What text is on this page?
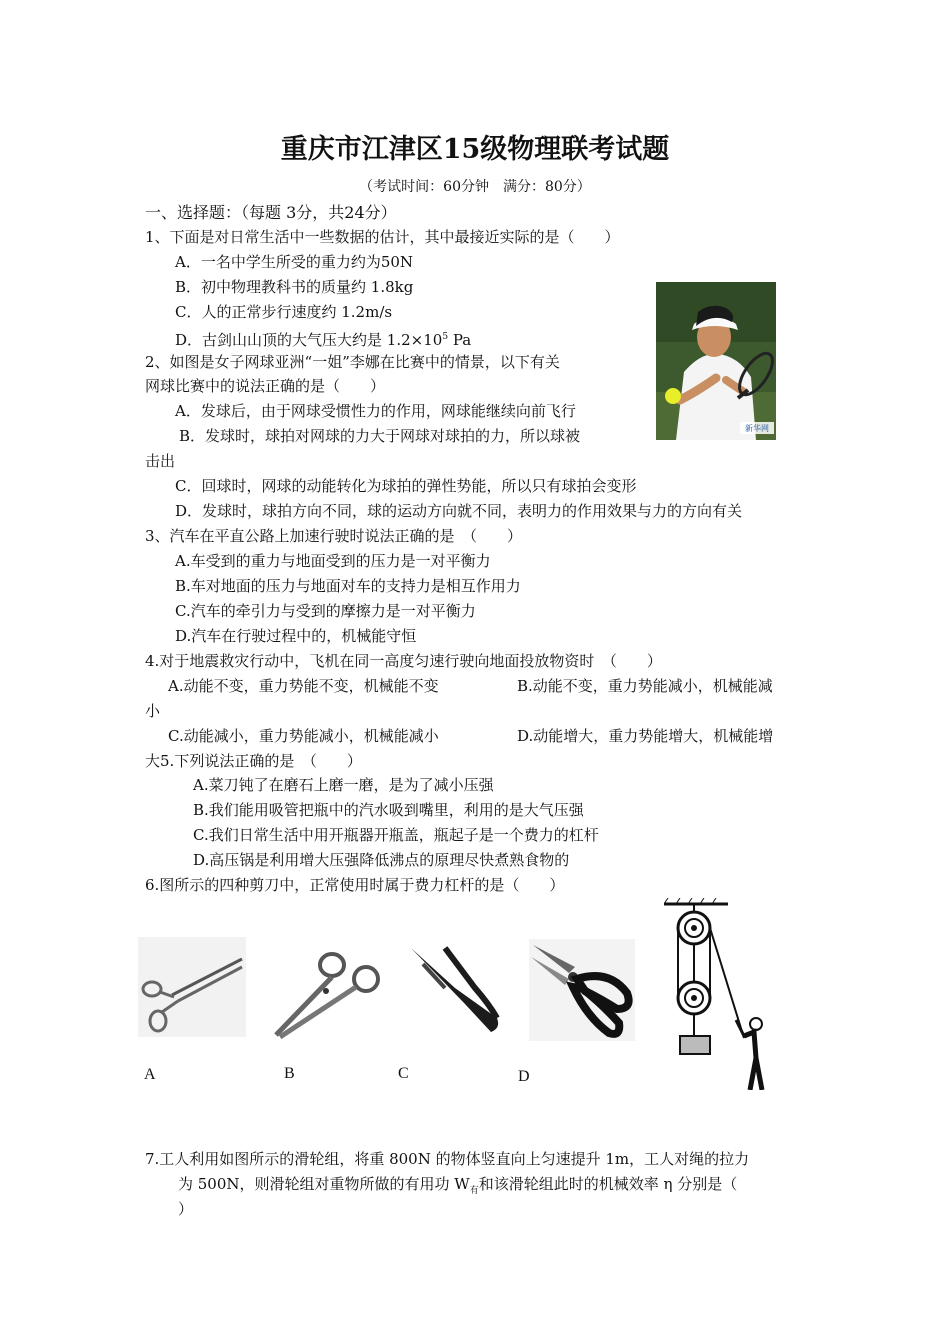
重庆市江津区15级物理联考试题
（考试时间：60分钟　满分：80分）
一、选择题：（每题 3分，共24分）
1、下面是对日常生活中一些数据的估计，其中最接近实际的是（　　）
A．一名中学生所受的重力约为50N
B．初中物理教科书的质量约 1.8kg
C．人的正常步行速度约 1.2m/s
D．古剑山山顶的大气压大约是 $1.2\times 10^5$ Pa
新华网
2、如图是女子网球亚洲“一姐”李娜在比赛中的情景，以下有关
网球比赛中的说法正确的是（　　）
A．发球后，由于网球受惯性力的作用，网球能继续向前飞行
B．发球时，球拍对网球的力大于网球对球拍的力，所以球被
击出
C．回球时，网球的动能转化为球拍的弹性势能，所以只有球拍会变形
D．发球时，球拍方向不同，球的运动方向就不同，表明力的作用效果与力的方向有关
3、汽车在平直公路上加速行驶时说法正确的是　（　　）
A.车受到的重力与地面受到的压力是一对平衡力
B.车对地面的压力与地面对车的支持力是相互作用力
C.汽车的牵引力与受到的摩擦力是一对平衡力
D.汽车在行驶过程中的，机械能守恒
4.对于地震救灾行动中，飞机在同一高度匀速行驶向地面投放物资时　（　　）
A.动能不变，重力势能不变，机械能不变	B.动能不变，重力势能减小，机械能减
小
C.动能减小，重力势能减小，机械能减小	D.动能增大，重力势能增大，机械能增
大5.下列说法正确的是　（　　）
A.菜刀钝了在磨石上磨一磨，是为了减小压强
B.我们能用吸管把瓶中的汽水吸到嘴里，利用的是大气压强
C.我们日常生活中用开瓶器开瓶盖，瓶起子是一个费力的杠杆
D.高压锅是利用增大压强降低沸点的原理尽快煮熟食物的
6.图所示的四种剪刀中，正常使用时属于费力杠杆的是（　　）
A	B	C	D
7.工人利用如图所示的滑轮组，将重 800N 的物体竖直向上匀速提升 1m，工人对绳的拉力
为 500N，则滑轮组对重物所做的有用功 $W_有$和该滑轮组此时的机械效率 η 分别是（
）
